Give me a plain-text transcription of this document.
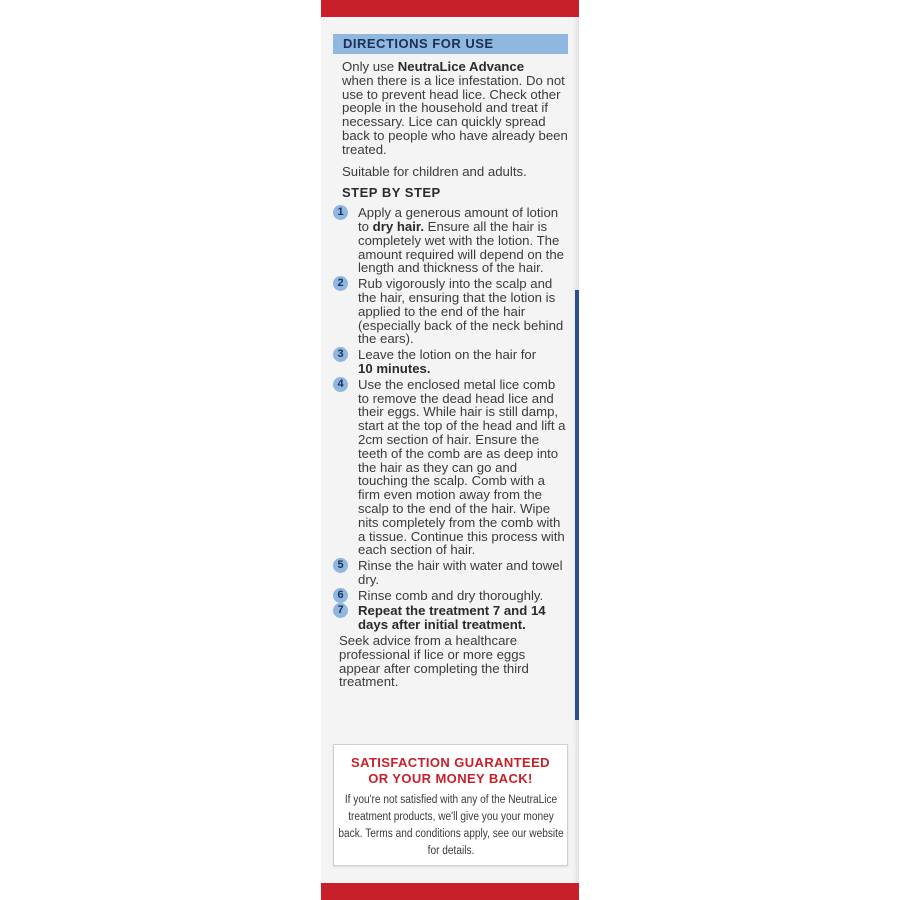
DIRECTIONS FOR USE

Only use NeutraLice Advance
when there is a lice infestation. Do not use to prevent head lice. Check other people in the household and treat if necessary. Lice can quickly spread back to people who have already been treated.

Suitable for children and adults.

STEP BY STEP
1	Apply a generous amount of lotion to dry hair. Ensure all the hair is completely wet with the lotion. The amount required will depend on the length and thickness of the hair.
2	Rub vigorously into the scalp and the hair, ensuring that the lotion is applied to the end of the hair (especially back of the neck behind the ears).
3	Leave the lotion on the hair for
10 minutes.
4	Use the enclosed metal lice comb to remove the dead head lice and their eggs. While hair is still damp, start at the top of the head and lift a 2cm section of hair. Ensure the teeth of the comb are as deep into the hair as they can go and touching the scalp. Comb with a firm even motion away from the scalp to the end of the hair. Wipe nits completely from the comb with a tissue. Continue this process with each section of hair.
5	Rinse the hair with water and towel dry.
6	Rinse comb and dry thoroughly.
7	Repeat the treatment 7 and 14 days after initial treatment.

Seek advice from a healthcare professional if lice or more eggs appear after completing the third treatment.

SATISFACTION GUARANTEED
OR YOUR MONEY BACK!
If you're not satisfied with any of the NeutraLice treatment products, we'll give you your money back. Terms and conditions apply, see our website for details.
